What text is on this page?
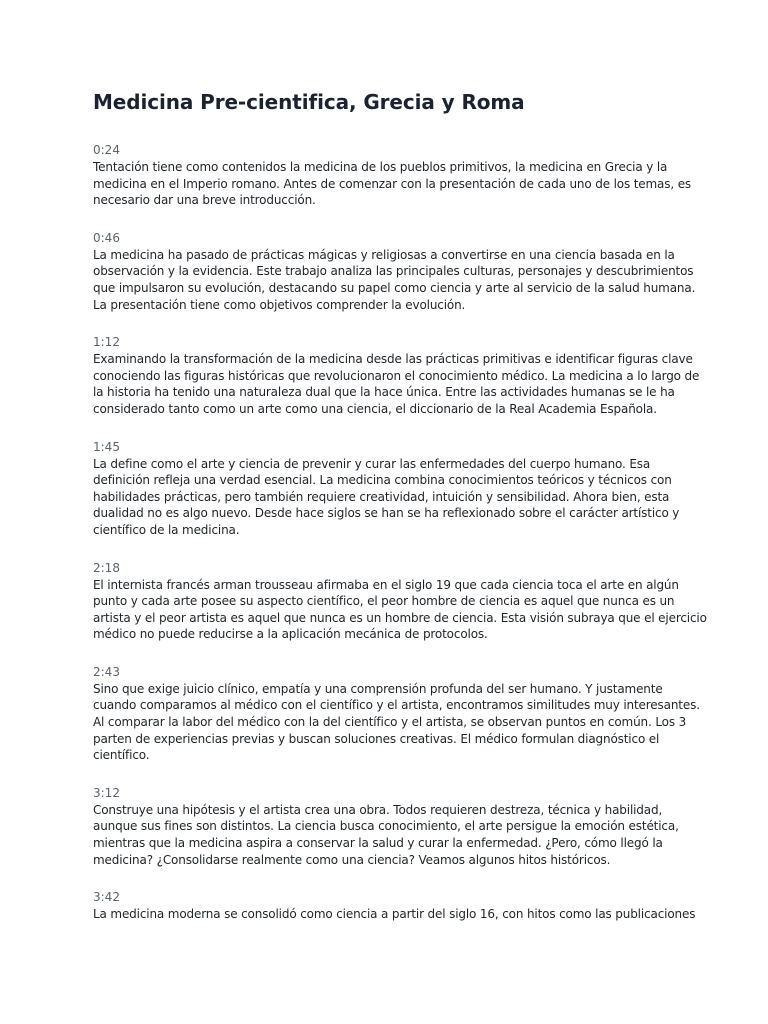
Medicina Pre-cientifica, Grecia y Roma
0:24

Tentación tiene como contenidos la medicina de los pueblos primitivos, la medicina en Grecia y la medicina en el Imperio romano. Antes de comenzar con la presentación de cada uno de los temas, es necesario dar una breve introducción.

0:46

La medicina ha pasado de prácticas mágicas y religiosas a convertirse en una ciencia basada en la observación y la evidencia. Este trabajo analiza las principales culturas, personajes y descubrimientos que impulsaron su evolución, destacando su papel como ciencia y arte al servicio de la salud humana. La presentación tiene como objetivos comprender la evolución.

1:12

Examinando la transformación de la medicina desde las prácticas primitivas e identificar figuras clave conociendo las figuras históricas que revolucionaron el conocimiento médico. La medicina a lo largo de la historia ha tenido una naturaleza dual que la hace única. Entre las actividades humanas se le ha considerado tanto como un arte como una ciencia, el diccionario de la Real Academia Española.

1:45

La define como el arte y ciencia de prevenir y curar las enfermedades del cuerpo humano. Esa definición refleja una verdad esencial. La medicina combina conocimientos teóricos y técnicos con habilidades prácticas, pero también requiere creatividad, intuición y sensibilidad. Ahora bien, esta dualidad no es algo nuevo. Desde hace siglos se han se ha reflexionado sobre el carácter artístico y científico de la medicina.

2:18

El internista francés arman trousseau afirmaba en el siglo 19 que cada ciencia toca el arte en algún punto y cada arte posee su aspecto científico, el peor hombre de ciencia es aquel que nunca es un artista y el peor artista es aquel que nunca es un hombre de ciencia. Esta visión subraya que el ejercicio médico no puede reducirse a la aplicación mecánica de protocolos.

2:43

Sino que exige juicio clínico, empatía y una comprensión profunda del ser humano. Y justamente cuando comparamos al médico con el científico y el artista, encontramos similitudes muy interesantes. Al comparar la labor del médico con la del científico y el artista, se observan puntos en común. Los 3 parten de experiencias previas y buscan soluciones creativas. El médico formulan diagnóstico el científico.

3:12

Construye una hipótesis y el artista crea una obra. Todos requieren destreza, técnica y habilidad, aunque sus fines son distintos. La ciencia busca conocimiento, el arte persigue la emoción estética, mientras que la medicina aspira a conservar la salud y curar la enfermedad. ¿Pero, cómo llegó la medicina? ¿Consolidarse realmente como una ciencia? Veamos algunos hitos históricos.

3:42

La medicina moderna se consolidó como ciencia a partir del siglo 16, con hitos como las publicaciones
